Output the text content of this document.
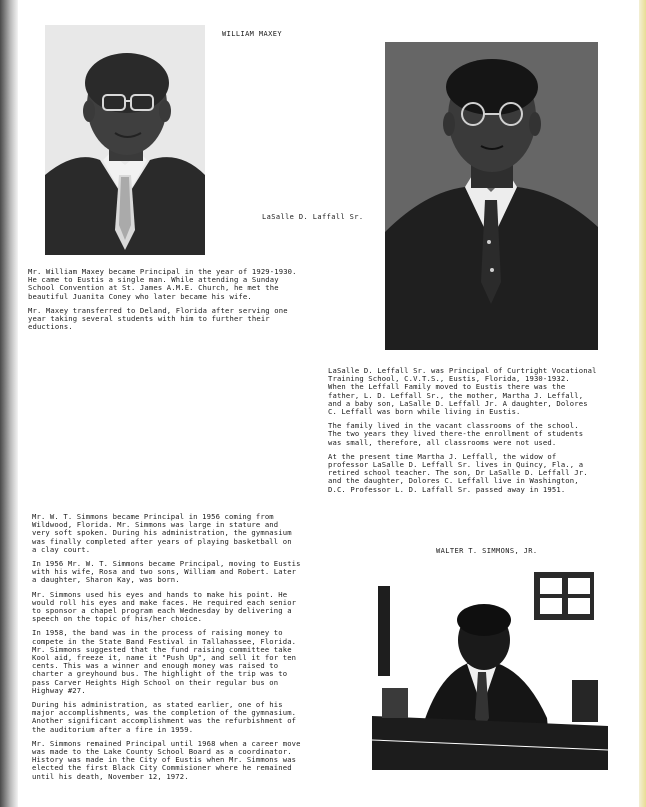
WILLIAM MAXEY
LaSalle D. Laffall Sr.

Mr. William Maxey became Principal in the year of 1929-1930.
He came to Eustis a single man. While attending a Sunday
School Convention at St. James A.M.E. Church, he met the
beautiful Juanita Coney who later became his wife.

Mr. Maxey transferred to Deland, Florida after serving one
year taking several students with him to further their
eductions.

LaSalle D. Leffall Sr. was Principal of Curtright Vocational
Training School, C.V.T.S., Eustis, Florida, 1930-1932.
When the Leffall Family moved to Eustis there was the
father, L. D. Leffall Sr., the mother, Martha J. Leffall,
and a baby son, LaSalle D. Leffall Jr. A daughter, Dolores
C. Leffall was born while living in Eustis.

The family lived in the vacant classrooms of the school.
The two years they lived there-the enrollment of students
was small, therefore, all classrooms were not used.

At the present time Martha J. Leffall, the widow of
professor LaSalle D. Leffall Sr. lives in Quincy, Fla., a
retired school teacher. The son, Dr LaSalle D. Leffall Jr.
and the daughter, Dolores C. Leffall live in Washington,
D.C. Professor L. D. Laffall Sr. passed away in 1951.

WALTER T. SIMMONS, JR.

Mr. W. T. Simmons became Principal in 1956 coming from
Wildwood, Florida. Mr. Simmons was large in stature and
very soft spoken. During his administration, the gymnasium
was finally completed after years of playing basketball on
a clay court.

In 1956 Mr. W. T. Simmons became Principal, moving to Eustis
with his wife, Rosa and two sons, William and Robert. Later
a daughter, Sharon Kay, was born.

Mr. Simmons used his eyes and hands to make his point. He
would roll his eyes and make faces. He required each senior
to sponsor a chapel program each Wednesday by delivering a
speech on the topic of his/her choice.

In 1958, the band was in the process of raising money to
compete in the State Band Festival in Tallahassee, Florida.
Mr. Simmons suggested that the fund raising committee take
Kool aid, freeze it, name it "Push Up", and sell it for ten
cents. This was a winner and enough money was raised to
charter a greyhound bus. The highlight of the trip was to
pass Carver Heights High School on their regular bus on
Highway #27.

During his administration, as stated earlier, one of his
major accomplishments, was the completion of the gymnasium.
Another significant accomplishment was the refurbishment of
the auditorium after a fire in 1959.

Mr. Simmons remained Principal until 1968 when a career move
was made to the Lake County School Board as a coordinator.
History was made in the City of Eustis when Mr. Simmons was
elected the first Black City Commisioner where he remained
until his death, November 12, 1972.
